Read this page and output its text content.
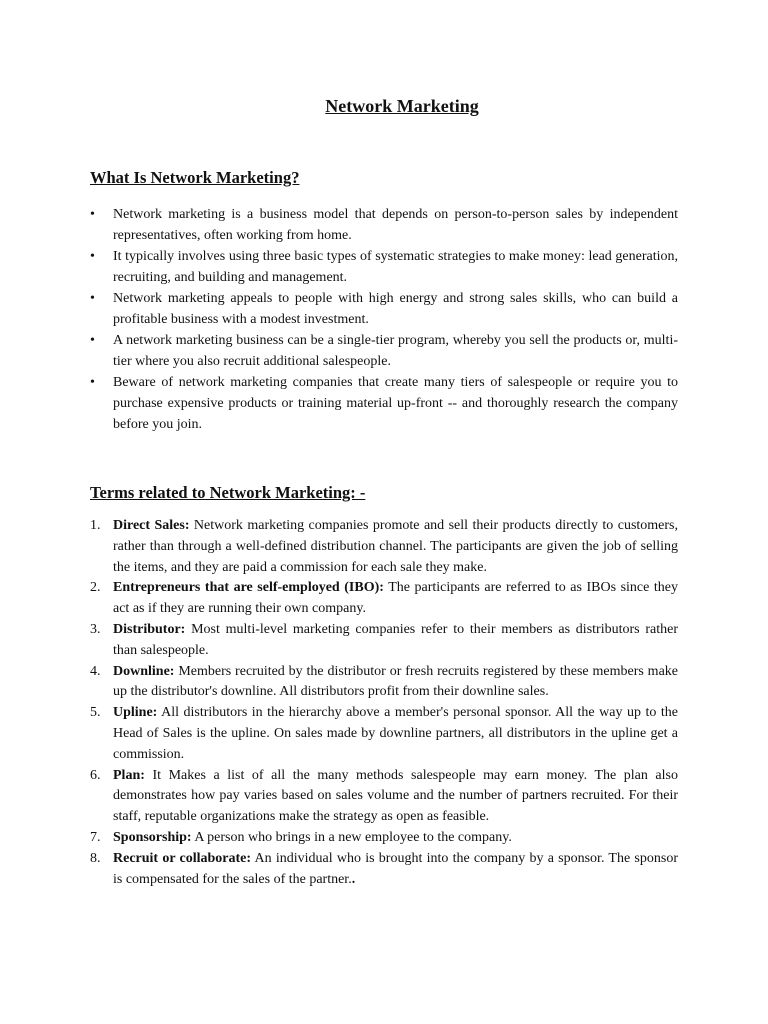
Network Marketing
What Is Network Marketing?
•	Network marketing is a business model that depends on person-to-person sales by independent representatives, often working from home.
•	It typically involves using three basic types of systematic strategies to make money: lead generation, recruiting, and building and management.
•	Network marketing appeals to people with high energy and strong sales skills, who can build a profitable business with a modest investment.
•	A network marketing business can be a single-tier program, whereby you sell the products or, multi-tier where you also recruit additional salespeople.
•	Beware of network marketing companies that create many tiers of salespeople or require you to purchase expensive products or training material up-front -- and thoroughly research the company before you join.
Terms related to Network Marketing: -
1. Direct Sales: Network marketing companies promote and sell their products directly to customers, rather than through a well-defined distribution channel. The participants are given the job of selling the items, and they are paid a commission for each sale they make.
2. Entrepreneurs that are self-employed (IBO): The participants are referred to as IBOs since they act as if they are running their own company.
3. Distributor: Most multi-level marketing companies refer to their members as distributors rather than salespeople.
4. Downline: Members recruited by the distributor or fresh recruits registered by these members make up the distributor's downline. All distributors profit from their downline sales.
5. Upline: All distributors in the hierarchy above a member's personal sponsor. All the way up to the Head of Sales is the upline. On sales made by downline partners, all distributors in the upline get a commission.
6. Plan: It Makes a list of all the many methods salespeople may earn money. The plan also demonstrates how pay varies based on sales volume and the number of partners recruited. For their staff, reputable organizations make the strategy as open as feasible.
7. Sponsorship: A person who brings in a new employee to the company.
8. Recruit or collaborate: An individual who is brought into the company by a sponsor. The sponsor is compensated for the sales of the partner..
